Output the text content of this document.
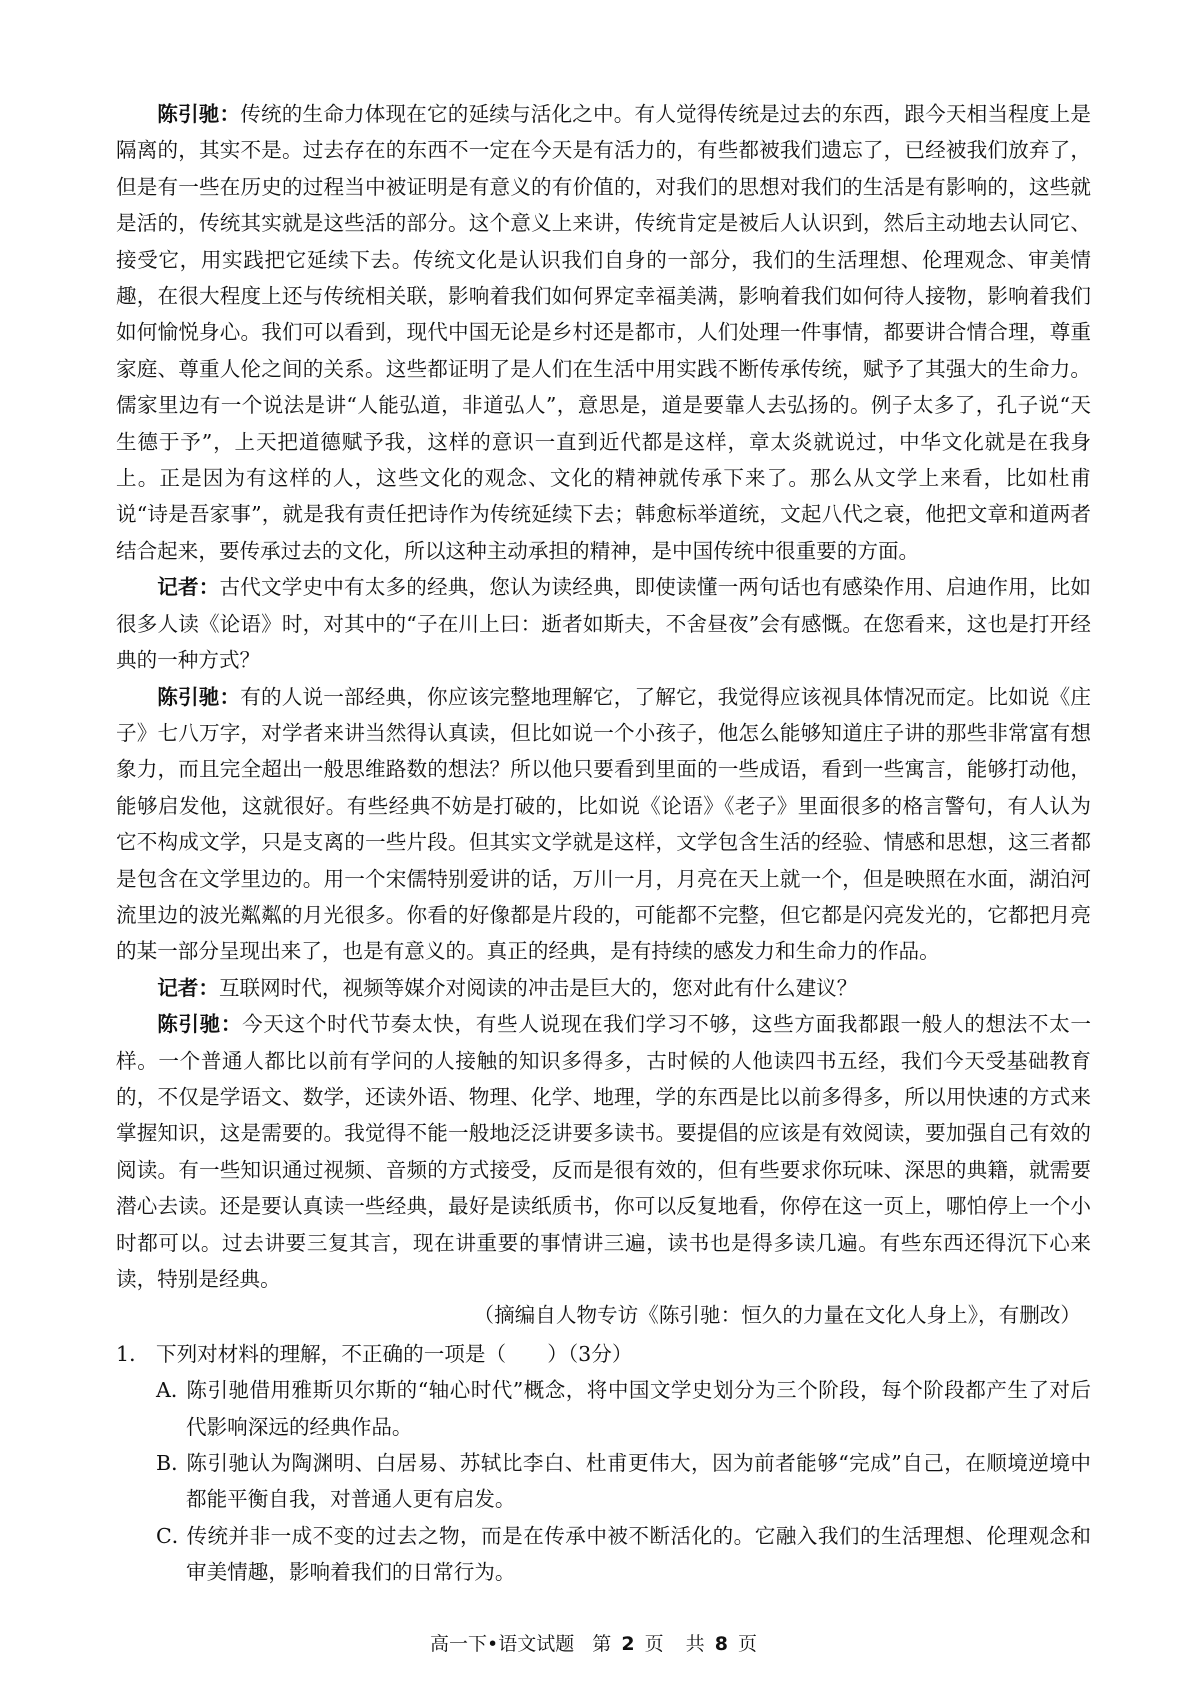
陈引驰：传统的生命力体现在它的延续与活化之中。有人觉得传统是过去的东西，跟今天相当程度上是隔离的，其实不是。过去存在的东西不一定在今天是有活力的，有些都被我们遗忘了，已经被我们放弃了，但是有一些在历史的过程当中被证明是有意义的有价值的，对我们的思想对我们的生活是有影响的，这些就是活的，传统其实就是这些活的部分。这个意义上来讲，传统肯定是被后人认识到，然后主动地去认同它、接受它，用实践把它延续下去。传统文化是认识我们自身的一部分，我们的生活理想、伦理观念、审美情趣，在很大程度上还与传统相关联，影响着我们如何界定幸福美满，影响着我们如何待人接物，影响着我们如何愉悦身心。我们可以看到，现代中国无论是乡村还是都市，人们处理一件事情，都要讲合情合理，尊重家庭、尊重人伦之间的关系。这些都证明了是人们在生活中用实践不断传承传统，赋予了其强大的生命力。儒家里边有一个说法是讲“人能弘道，非道弘人”，意思是，道是要靠人去弘扬的。例子太多了，孔子说“天生德于予”，上天把道德赋予我，这样的意识一直到近代都是这样，章太炎就说过，中华文化就是在我身上。正是因为有这样的人，这些文化的观念、文化的精神就传承下来了。那么从文学上来看，比如杜甫说“诗是吾家事”，就是我有责任把诗作为传统延续下去；韩愈标举道统，文起八代之衰，他把文章和道两者结合起来，要传承过去的文化，所以这种主动承担的精神，是中国传统中很重要的方面。

记者：古代文学史中有太多的经典，您认为读经典，即使读懂一两句话也有感染作用、启迪作用，比如很多人读《论语》时，对其中的“子在川上曰：逝者如斯夫，不舍昼夜”会有感慨。在您看来，这也是打开经典的一种方式？

陈引驰：有的人说一部经典，你应该完整地理解它，了解它，我觉得应该视具体情况而定。比如说《庄子》七八万字，对学者来讲当然得认真读，但比如说一个小孩子，他怎么能够知道庄子讲的那些非常富有想象力，而且完全超出一般思维路数的想法？所以他只要看到里面的一些成语，看到一些寓言，能够打动他，能够启发他，这就很好。有些经典不妨是打破的，比如说《论语》《老子》里面很多的格言警句，有人认为它不构成文学，只是支离的一些片段。但其实文学就是这样，文学包含生活的经验、情感和思想，这三者都是包含在文学里边的。用一个宋儒特别爱讲的话，万川一月，月亮在天上就一个，但是映照在水面，湖泊河流里边的波光粼粼的月光很多。你看的好像都是片段的，可能都不完整，但它都是闪亮发光的，它都把月亮的某一部分呈现出来了，也是有意义的。真正的经典，是有持续的感发力和生命力的作品。

记者：互联网时代，视频等媒介对阅读的冲击是巨大的，您对此有什么建议？

陈引驰：今天这个时代节奏太快，有些人说现在我们学习不够，这些方面我都跟一般人的想法不太一样。一个普通人都比以前有学问的人接触的知识多得多，古时候的人他读四书五经，我们今天受基础教育的，不仅是学语文、数学，还读外语、物理、化学、地理，学的东西是比以前多得多，所以用快速的方式来掌握知识，这是需要的。我觉得不能一般地泛泛讲要多读书。要提倡的应该是有效阅读，要加强自己有效的阅读。有一些知识通过视频、音频的方式接受，反而是很有效的，但有些要求你玩味、深思的典籍，就需要潜心去读。还是要认真读一些经典，最好是读纸质书，你可以反复地看，你停在这一页上，哪怕停上一个小时都可以。过去讲要三复其言，现在讲重要的事情讲三遍，读书也是得多读几遍。有些东西还得沉下心来读，特别是经典。

（摘编自人物专访《陈引驰：恒久的力量在文化人身上》，有删改）

1． 下列对材料的理解，不正确的一项是（　　）（3分）

A．陈引驰借用雅斯贝尔斯的“轴心时代”概念，将中国文学史划分为三个阶段，每个阶段都产生了对后代影响深远的经典作品。

B．陈引驰认为陶渊明、白居易、苏轼比李白、杜甫更伟大，因为前者能够“完成”自己，在顺境逆境中都能平衡自我，对普通人更有启发。

C．传统并非一成不变的过去之物，而是在传承中被不断活化的。它融入我们的生活理想、伦理观念和审美情趣，影响着我们的日常行为。

高一下•语文试题 第 2 页 共 8 页
